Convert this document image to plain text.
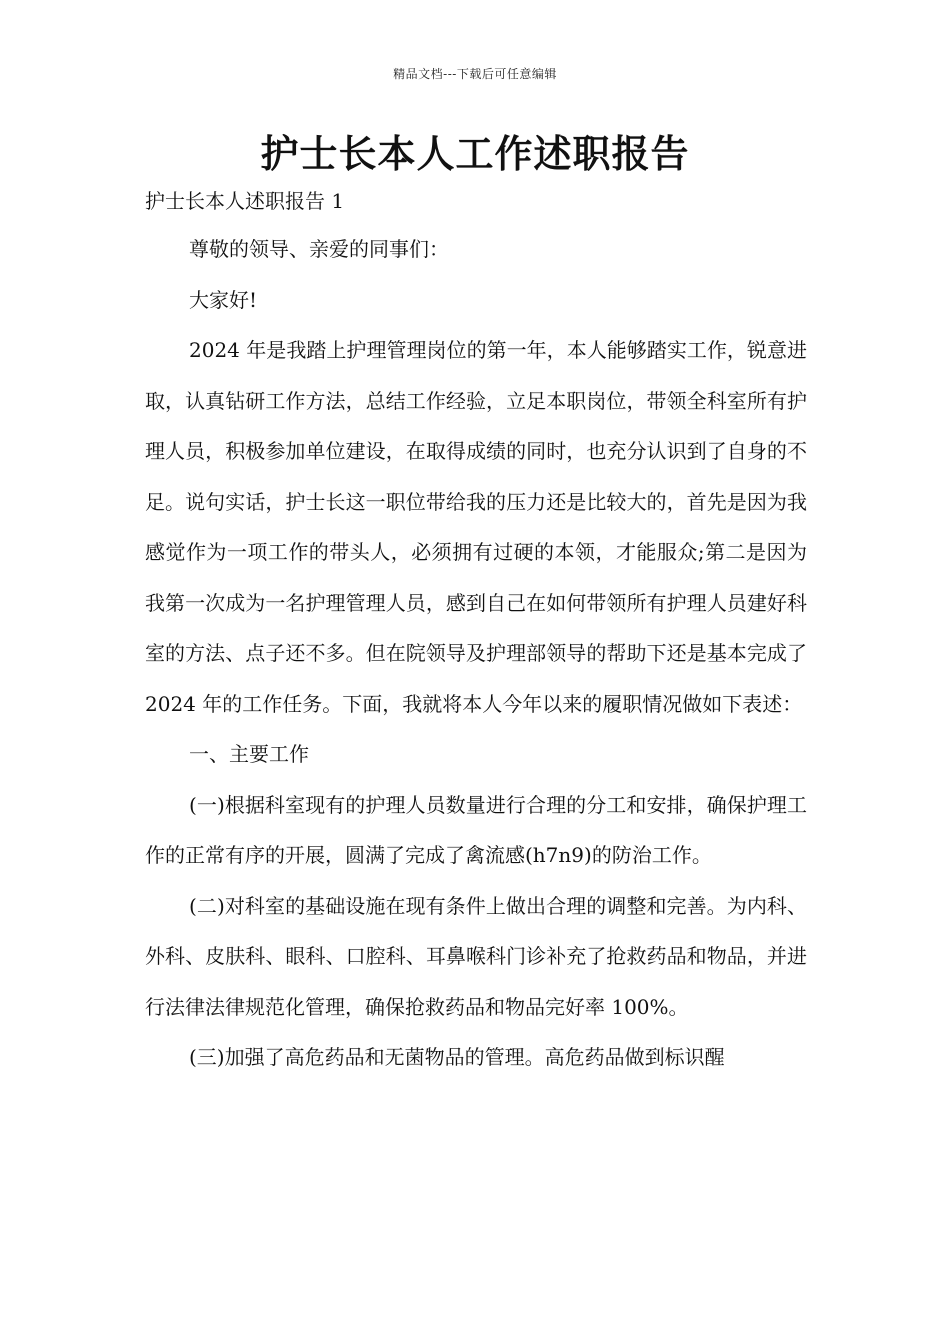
精品文档---下载后可任意编辑
护士长本人工作述职报告

护士长本人述职报告 1

尊敬的领导、亲爱的同事们：

大家好!

2024 年是我踏上护理管理岗位的第一年，本人能够踏实工作，锐意进取，认真钻研工作方法，总结工作经验，立足本职岗位，带领全科室所有护理人员，积极参加单位建设，在取得成绩的同时，也充分认识到了自身的不足。说句实话，护士长这一职位带给我的压力还是比较大的，首先是因为我感觉作为一项工作的带头人，必须拥有过硬的本领，才能服众;第二是因为我第一次成为一名护理管理人员，感到自己在如何带领所有护理人员建好科室的方法、点子还不多。但在院领导及护理部领导的帮助下还是基本完成了 2024 年的工作任务。下面，我就将本人今年以来的履职情况做如下表述：

一、主要工作

(一)根据科室现有的护理人员数量进行合理的分工和安排，确保护理工作的正常有序的开展，圆满了完成了禽流感(h7n9)的防治工作。

(二)对科室的基础设施在现有条件上做出合理的调整和完善。为内科、外科、皮肤科、眼科、口腔科、耳鼻喉科门诊补充了抢救药品和物品，并进行法律法律规范化管理，确保抢救药品和物品完好率 100%。

(三)加强了高危药品和无菌物品的管理。高危药品做到标识醒
